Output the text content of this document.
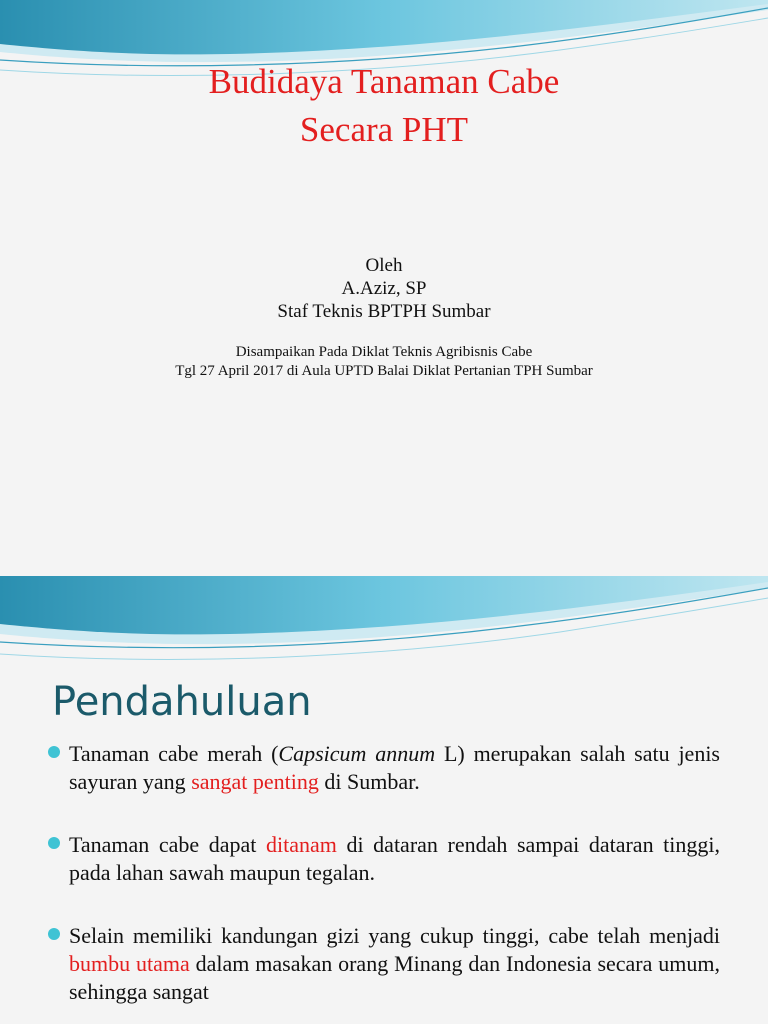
Budidaya Tanaman Cabe
Secara PHT
Oleh
A.Aziz, SP
Staf Teknis BPTPH Sumbar
Disampaikan Pada Diklat Teknis Agribisnis Cabe
Tgl 27 April 2017 di Aula UPTD Balai Diklat Pertanian TPH Sumbar
Pendahuluan
Tanaman cabe merah (Capsicum annum L) merupakan salah satu jenis sayuran yang sangat penting di Sumbar.
Tanaman cabe dapat ditanam di dataran rendah sampai dataran tinggi, pada lahan sawah maupun tegalan.
Selain memiliki kandungan gizi yang cukup tinggi, cabe telah menjadi bumbu utama dalam masakan orang Minang dan Indonesia secara umum, sehingga sangat
